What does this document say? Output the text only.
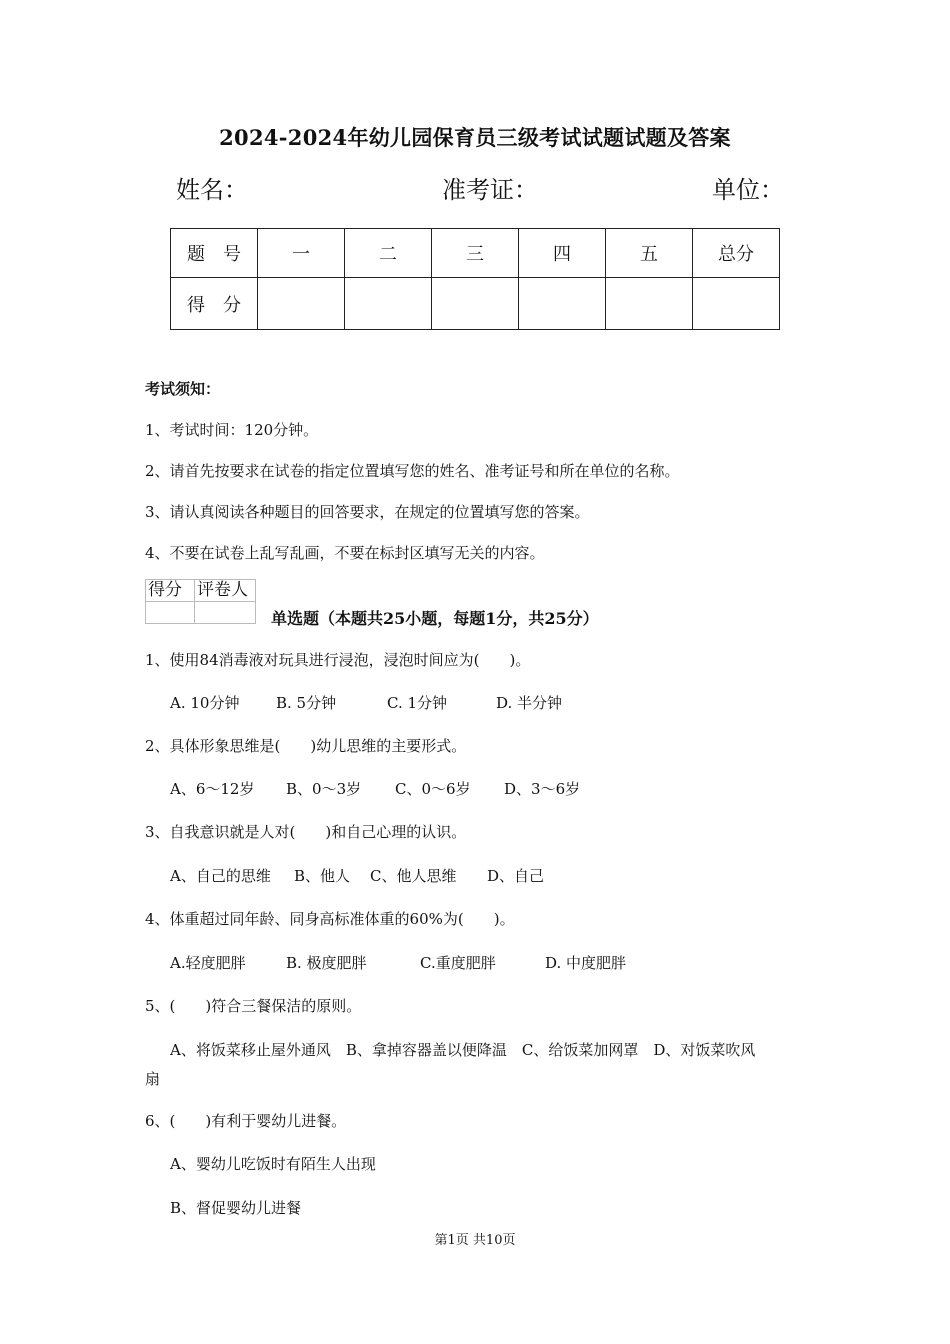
2024-2024年幼儿园保育员三级考试试题试题及答案
姓名：	准考证：	单位：
题　号	一	二	三	四	五	总分
得　分						
考试须知：
1、考试时间：120分钟。
2、请首先按要求在试卷的指定位置填写您的姓名、准考证号和所在单位的名称。
3、请认真阅读各种题目的回答要求，在规定的位置填写您的答案。
4、不要在试卷上乱写乱画，不要在标封区填写无关的内容。
得分	评卷人

单选题（本题共25小题，每题1分，共25分）
1、使用84消毒液对玩具进行浸泡，浸泡时间应为(　　)。
A. 10分钟 B. 5分钟	C. 1分钟	D. 半分钟
2、具体形象思维是(　　)幼儿思维的主要形式。
A、6～12岁 B、0～3岁 C、0～6岁 D、3～6岁
3、自我意识就是人对(　　)和自己心理的认识。
A、自己的思维 B、他人 C、他人思维 D、自己
4、体重超过同年龄、同身高标准体重的60%为(　　)。
A.轻度肥胖	B. 极度肥胖	C.重度肥胖	D. 中度肥胖
5、(　　)符合三餐保洁的原则。
A、将饭菜移止屋外通风　B、拿掉容器盖以便降温　C、给饭菜加网罩　D、对饭菜吹风
扇
6、(　　)有利于婴幼儿进餐。
A、婴幼儿吃饭时有陌生人出现
B、督促婴幼儿进餐
第1页 共10页
